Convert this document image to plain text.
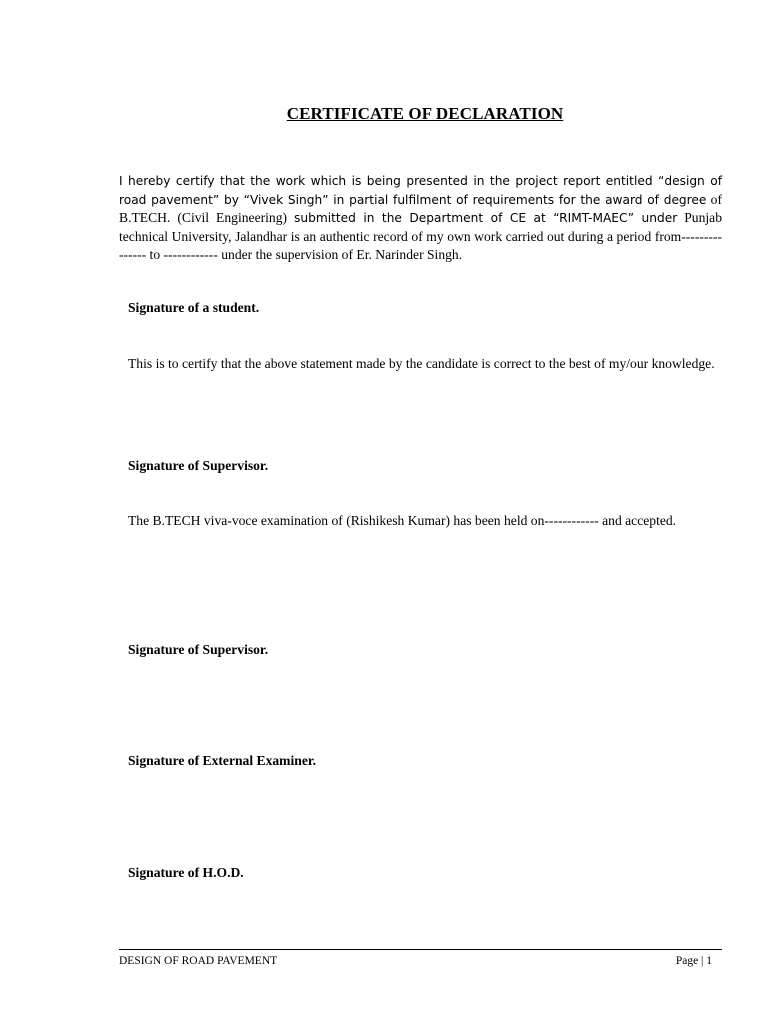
CERTIFICATE OF DECLARATION
I hereby certify that the work which is being presented in the project report entitled “design of road pavement” by “Vivek Singh” in partial fulfilment of requirements for the award of degree of B.TECH. (Civil Engineering) submitted in the Department of CE at “RIMT-MAEC” under Punjab technical University, Jalandhar is an authentic record of my own work carried out during a period from--------------- to ------------ under the supervision of Er. Narinder Singh.
Signature of a student.
This is to certify that the above statement made by the candidate is correct to the best of my/our knowledge.
Signature of Supervisor.
The B.TECH viva-voce examination of (Rishikesh Kumar) has been held on------------ and accepted.
Signature of Supervisor.
Signature of External Examiner.
Signature of H.O.D.
DESIGN OF ROAD PAVEMENT	Page | 1
